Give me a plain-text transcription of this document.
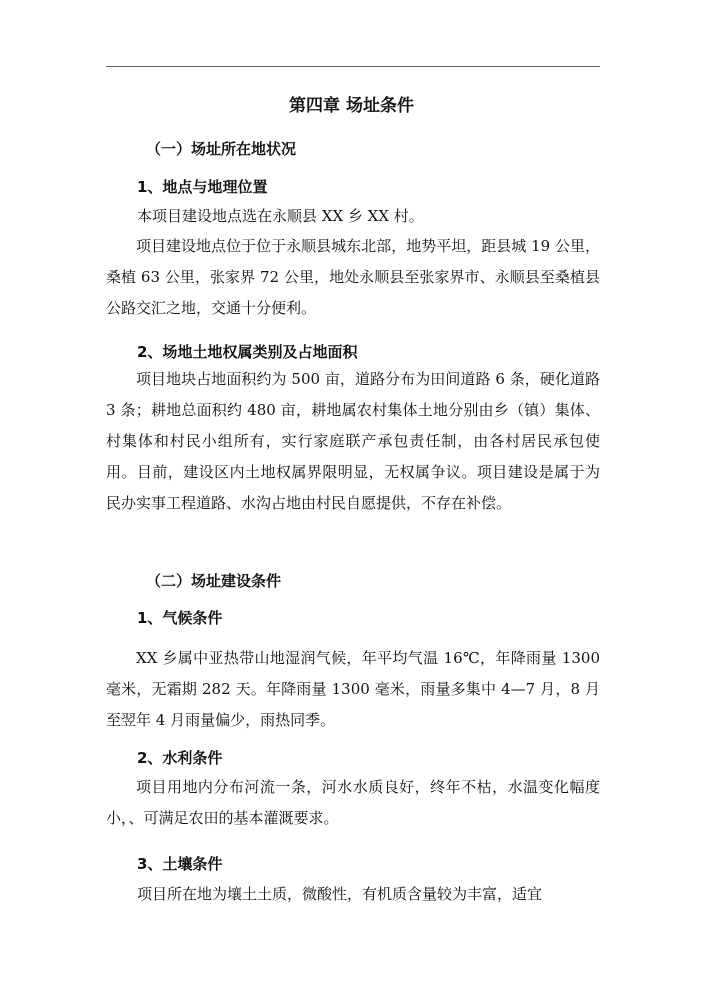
第四章 场址条件
（一）场址所在地状况
1、地点与地理位置
本项目建设地点选在永顺县 XX 乡 XX 村。
项目建设地点位于位于永顺县城东北部，地势平坦，距县城 19 公里，桑植 63 公里，张家界 72 公里，地处永顺县至张家界市、永顺县至桑植县公路交汇之地，交通十分便利。
2、场地土地权属类别及占地面积
项目地块占地面积约为 500 亩，道路分布为田间道路 6 条，硬化道路 3 条；耕地总面积约 480 亩，耕地属农村集体土地分别由乡（镇）集体、村集体和村民小组所有，实行家庭联产承包责任制，由各村居民承包使用。目前，建设区内土地权属界限明显，无权属争议。项目建设是属于为民办实事工程道路、水沟占地由村民自愿提供，不存在补偿。
（二）场址建设条件
1、气候条件
XX 乡属中亚热带山地湿润气候，年平均气温 16℃，年降雨量 1300 毫米，无霜期 282 天。年降雨量 1300 毫米，雨量多集中 4—7 月，8 月至翌年 4 月雨量偏少，雨热同季。
2、水利条件
项目用地内分布河流一条，河水水质良好，终年不枯，水温变化幅度小，、可满足农田的基本灌溉要求。
3、土壤条件
项目所在地为壤土土质，微酸性，有机质含量较为丰富，适宜
